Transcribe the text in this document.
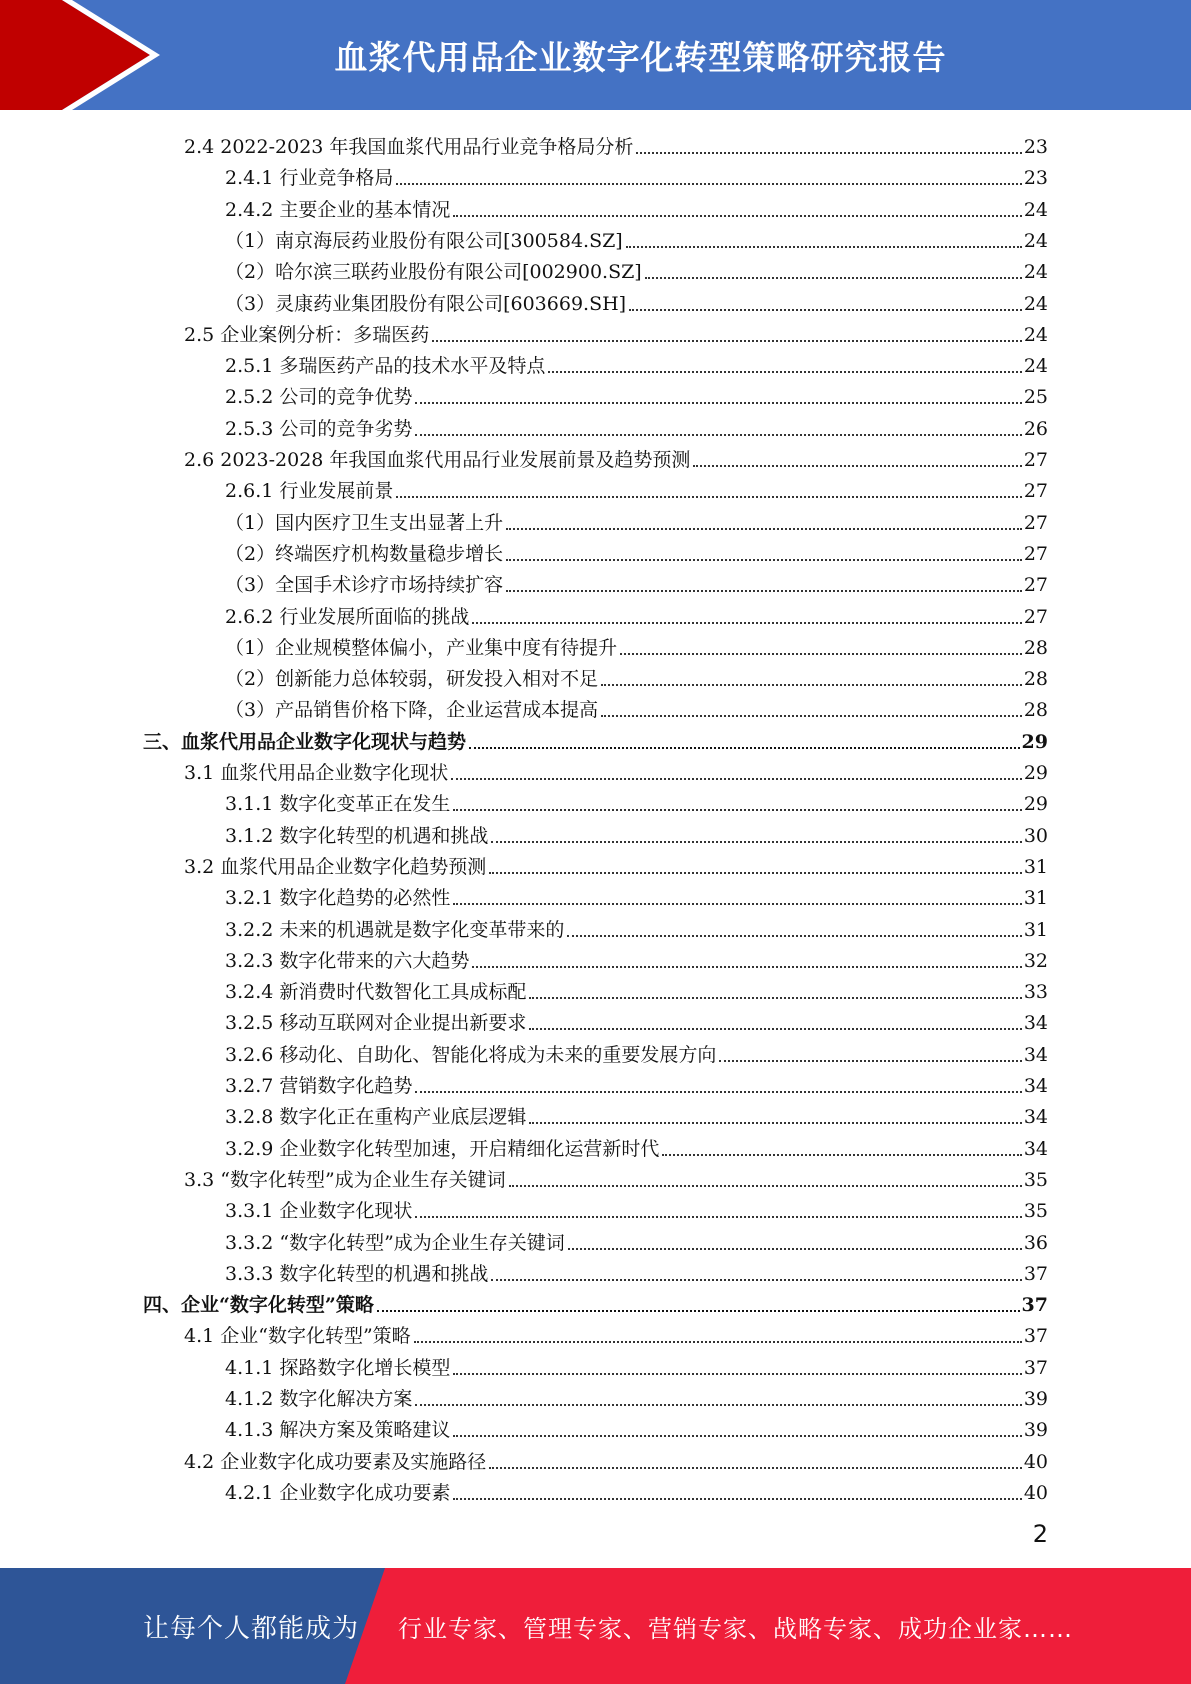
血浆代用品企业数字化转型策略研究报告
2.4 2022-2023 年我国血浆代用品行业竞争格局分析	23
2.4.1 行业竞争格局	23
2.4.2 主要企业的基本情况	24
（1）南京海辰药业股份有限公司[300584.SZ]	24
（2）哈尔滨三联药业股份有限公司[002900.SZ]	24
（3）灵康药业集团股份有限公司[603669.SH]	24
2.5 企业案例分析：多瑞医药	24
2.5.1 多瑞医药产品的技术水平及特点	24
2.5.2 公司的竞争优势	25
2.5.3 公司的竞争劣势	26
2.6 2023-2028 年我国血浆代用品行业发展前景及趋势预测	27
2.6.1 行业发展前景	27
（1）国内医疗卫生支出显著上升	27
（2）终端医疗机构数量稳步增长	27
（3）全国手术诊疗市场持续扩容	27
2.6.2 行业发展所面临的挑战	27
（1）企业规模整体偏小，产业集中度有待提升	28
（2）创新能力总体较弱，研发投入相对不足	28
（3）产品销售价格下降，企业运营成本提高	28
三、血浆代用品企业数字化现状与趋势	29
3.1 血浆代用品企业数字化现状	29
3.1.1 数字化变革正在发生	29
3.1.2 数字化转型的机遇和挑战	30
3.2 血浆代用品企业数字化趋势预测	31
3.2.1 数字化趋势的必然性	31
3.2.2 未来的机遇就是数字化变革带来的	31
3.2.3 数字化带来的六大趋势	32
3.2.4 新消费时代数智化工具成标配	33
3.2.5 移动互联网对企业提出新要求	34
3.2.6 移动化、自助化、智能化将成为未来的重要发展方向	34
3.2.7 营销数字化趋势	34
3.2.8 数字化正在重构产业底层逻辑	34
3.2.9 企业数字化转型加速，开启精细化运营新时代	34
3.3 “数字化转型”成为企业生存关键词	35
3.3.1 企业数字化现状	35
3.3.2 “数字化转型”成为企业生存关键词	36
3.3.3 数字化转型的机遇和挑战	37
四、企业“数字化转型”策略	37
4.1 企业“数字化转型”策略	37
4.1.1 探路数字化增长模型	37
4.1.2 数字化解决方案	39
4.1.3 解决方案及策略建议	39
4.2 企业数字化成功要素及实施路径	40
4.2.1 企业数字化成功要素	40
2
让每个人都能成为 行业专家、管理专家、营销专家、战略专家、成功企业家……
